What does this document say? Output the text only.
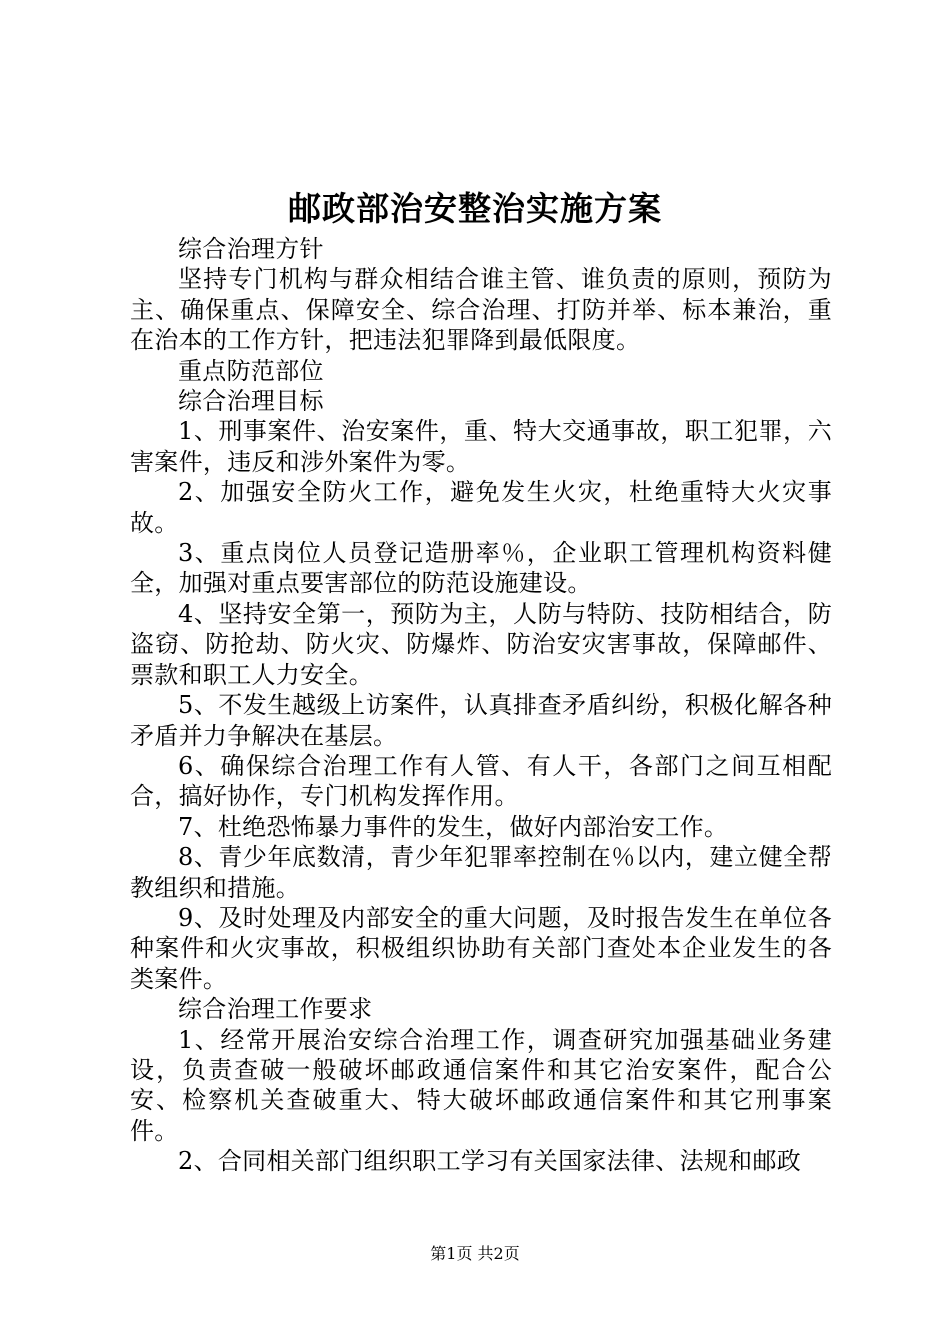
邮政部治安整治实施方案

综合治理方针

坚持专门机构与群众相结合谁主管、谁负责的原则，预防为主、确保重点、保障安全、综合治理、打防并举、标本兼治，重在治本的工作方针，把违法犯罪降到最低限度。

重点防范部位

综合治理目标

1、刑事案件、治安案件，重、特大交通事故，职工犯罪，六害案件，违反和涉外案件为零。

2、加强安全防火工作，避免发生火灾，杜绝重特大火灾事故。

3、重点岗位人员登记造册率％，企业职工管理机构资料健全，加强对重点要害部位的防范设施建设。

4、坚持安全第一，预防为主，人防与特防、技防相结合，防盗窃、防抢劫、防火灾、防爆炸、防治安灾害事故，保障邮件、票款和职工人力安全。

5、不发生越级上访案件，认真排查矛盾纠纷，积极化解各种矛盾并力争解决在基层。

6、确保综合治理工作有人管、有人干，各部门之间互相配合，搞好协作，专门机构发挥作用。

7、杜绝恐怖暴力事件的发生，做好内部治安工作。

8、青少年底数清，青少年犯罪率控制在％以内，建立健全帮教组织和措施。

9、及时处理及内部安全的重大问题，及时报告发生在单位各种案件和火灾事故，积极组织协助有关部门查处本企业发生的各类案件。

综合治理工作要求

1、经常开展治安综合治理工作，调查研究加强基础业务建设，负责查破一般破坏邮政通信案件和其它治安案件，配合公安、检察机关查破重大、特大破坏邮政通信案件和其它刑事案件。

2、合同相关部门组织职工学习有关国家法律、法规和邮政

第1页 共2页
